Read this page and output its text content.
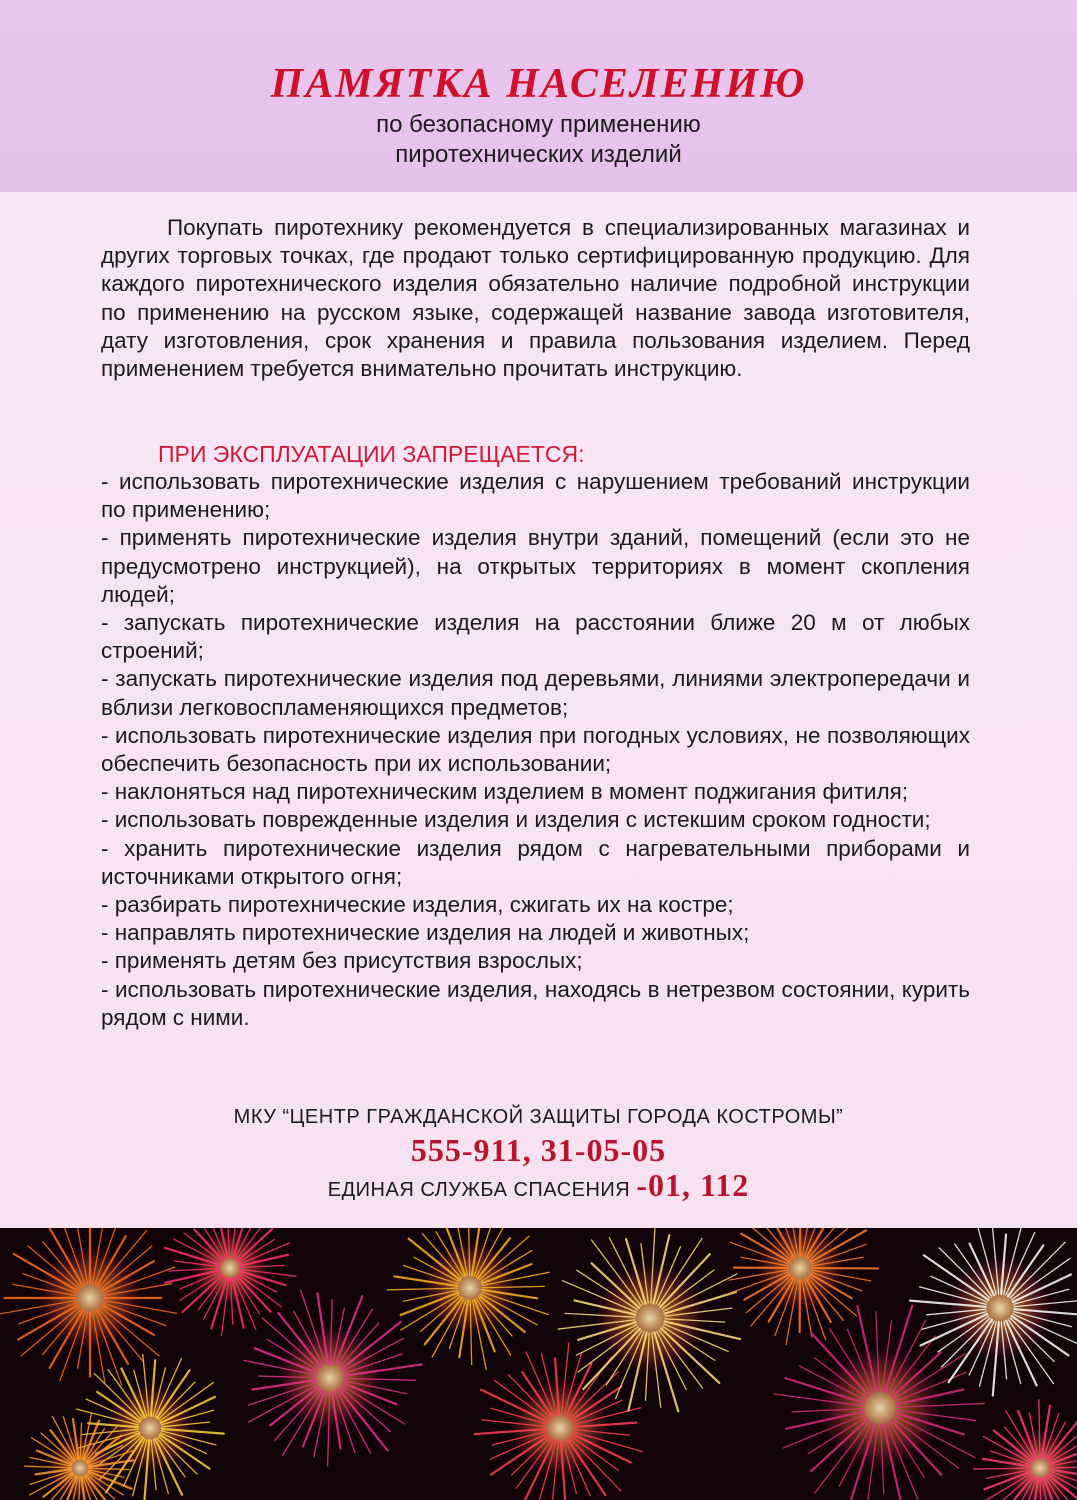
ПАМЯТКА НАСЕЛЕНИЮ
по безопасному применению
пиротехнических изделий

Покупать пиротехнику рекомендуется в специализированных магазинах и других торговых точках, где продают только сертифицированную продукцию. Для каждого пиротехнического изделия обязательно наличие подробной инструкции по применению на русском языке, содержащей название завода изготовителя, дату изготовления, срок хранения и правила пользования изделием. Перед применением требуется внимательно прочитать инструкцию.

ПРИ ЭКСПЛУАТАЦИИ ЗАПРЕЩАЕТСЯ:

- использовать пиротехнические изделия с нарушением требований инструкции по применению;
- применять пиротехнические изделия внутри зданий, помещений (если это не предусмотрено инструкцией), на открытых территориях в момент скопления людей;
- запускать пиротехнические изделия на расстоянии ближе 20 м от любых строений;
- запускать пиротехнические изделия под деревьями, линиями электропередачи и вблизи легковоспламеняющихся предметов;
- использовать пиротехнические изделия при погодных условиях, не позволяющих обеспечить безопасность при их использовании;
- наклоняться над пиротехническим изделием в момент поджигания фитиля;
- использовать поврежденные изделия и изделия с истекшим сроком годности;
- хранить пиротехнические изделия рядом с нагревательными приборами и источниками открытого огня;
- разбирать пиротехнические изделия, сжигать их на костре;
- направлять пиротехнические изделия на людей и животных;
- применять детям без присутствия взрослых;
- использовать пиротехнические изделия, находясь в нетрезвом состоянии, курить рядом с ними.
МКУ “ЦЕНТР ГРАЖДАНСКОЙ ЗАЩИТЫ ГОРОДА КОСТРОМЫ”
555-911, 31-05-05
ЕДИНАЯ СЛУЖБА СПАСЕНИЯ -01, 112
